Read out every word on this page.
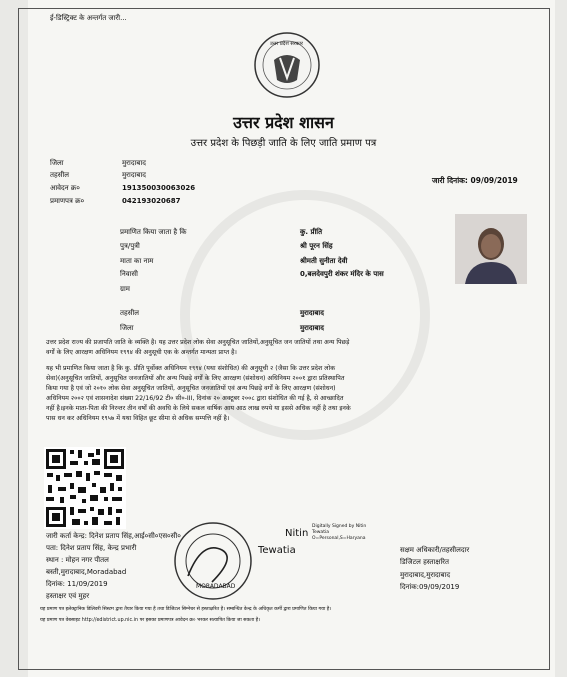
ई-डिस्ट्रिक्ट के अन्तर्गत जारी...
उत्तर प्रदेश सरकार
उत्तर प्रदेश शासन
उत्तर प्रदेश के पिछड़ी जाति के लिए जाति प्रमाण पत्र
जिला	मुरादाबाद
तहसील	मुरादाबाद
आवेदन क्र०	191350030063026
प्रमाणपत्र क्र०	042193020687
जारी दिनांक: 09/09/2019
प्रमाणित किया जाता है कि	कु. प्रीति
पुत्र/पुत्री	श्री पूरन सिंह
माता का नाम	श्रीमती सुनीता देवी
निवासी	0,बलदेवपुरी शंकर मंदिर के पास
ग्राम
तहसील	मुरादाबाद
जिला	मुरादाबाद
उत्तर प्रदेश राज्य की प्रजापति जाति के व्यक्ति है। यह उत्तर प्रदेश लोक सेवा अनुसूचित जातियों,अनुसूचित जन जातियों तथा अन्य पिछड़े
वर्गों के लिए आरक्षण अधिनियम १९९४ की अनुसूची एक के अन्तर्गत मान्यता प्राप्त है।
यह भी प्रमाणित किया जाता है कि कु. प्रीति पूर्वोक्त अधिनियम १९९४ (यथा संशोधित) की अनुसूची २ (जैसा कि उत्तर प्रदेश लोक
सेवा)(अनुसूचित जातियों, अनुसूचित जनजातियों और अन्य पिछड़े वर्गों के लिए आरक्षण (संशोधन) अधिनियम २००१ द्वारा प्रतिस्थापित
किया गया है एवं जो २०१० लोक सेवा अनुसूचित जातियों, अनुसूचित जनजातियों एवं अन्य पिछड़े वर्गों के लिए आरक्षण (संशोधन)
अधिनियम २००२ एवं शासनादेश संख्या 22/16/92 टी० सी०-III, दिनांक २० अक्टूबर २००८ द्वारा संशोधित की गई है, से आच्छादित
नहीं है।इनके माता-पिता की निरन्तर तीन वर्षों की अवधि के लिये सकल वार्षिक आय आठ लाख रुपये या इससे अधिक नहीं है तथा इनके
पास धन कर अधिनियम १९५७ में यथा विहित छूट सीमा से अधिक सम्पत्ति नहीं है।
जारी कर्ता केन्द्र: दिनेश प्रताप सिंह,आई०सी०एस०सी०
पता: दिनेश प्रताप सिंह, केन्द्र प्रभारी
स्थान : मोहन नगर पीतल
बस्ती,मुरादाबाद,Moradabad
दिनांक: 11/09/2019
हस्ताक्षर एवं मुहर
MORADABAD
Nitin
Tewatia
Digitally Signed by Nitin
Tewatia
O=Personal,S=Haryana
सक्षम अधिकारी/तहसीलदार
डिजिटल हस्ताक्षरित
मुरादाबाद,मुरादाबाद
दिनांक:09/09/2019
यह प्रमाण पत्र इलेक्ट्रानिक डिलिवरी सिस्टम द्वारा तैयार किया गया है तथा डिजिटल सिग्नेचर से हस्ताक्षरित है। सम्बन्धित केन्द्र के अधिकृत कर्मी द्वारा प्रमाणित किया गया है।
यह प्रमाण पत्र वेबसाइट http://edistrict.up.nic.in पर इसका प्रमाणपत्र आवेदन क्र० भरकर सत्यापित किया जा सकता है।
